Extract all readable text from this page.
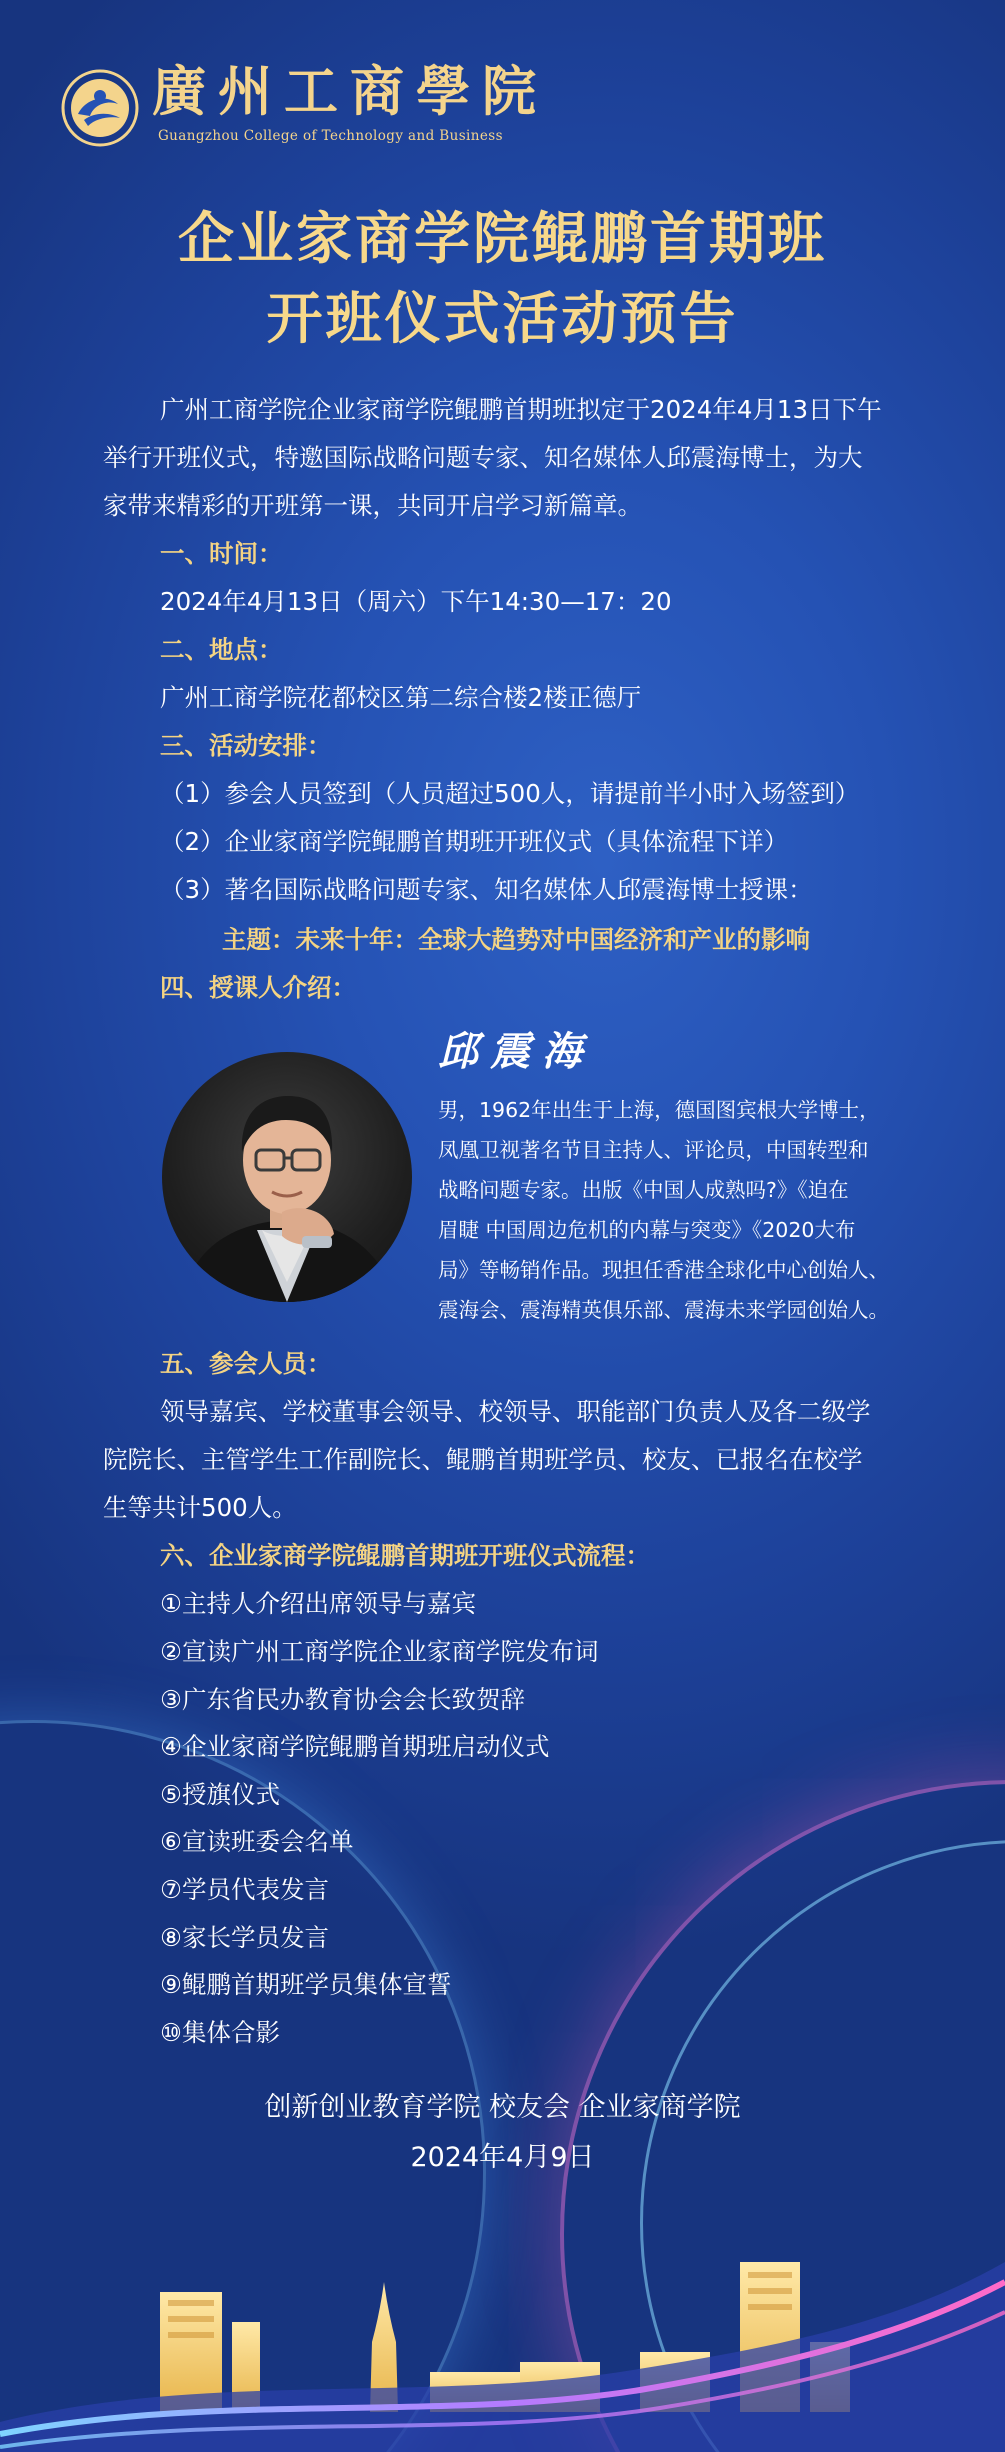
廣州工商學院
Guangzhou College of Technology and Business
企业家商学院鲲鹏首期班
开班仪式活动预告
广州工商学院企业家商学院鲲鹏首期班拟定于2024年4月13日下午
举行开班仪式，特邀国际战略问题专家、知名媒体人邱震海博士，为大
家带来精彩的开班第一课，共同开启学习新篇章。
一、时间：
2024年4月13日（周六）下午14:30—17：20
二、地点：
广州工商学院花都校区第二综合楼2楼正德厅
三、活动安排：
（1）参会人员签到（人员超过500人，请提前半小时入场签到）
（2）企业家商学院鲲鹏首期班开班仪式（具体流程下详）
（3）著名国际战略问题专家、知名媒体人邱震海博士授课：
主题：未来十年：全球大趋势对中国经济和产业的影响
四、授课人介绍：
邱震海
男，1962年出生于上海，德国图宾根大学博士，
凤凰卫视著名节目主持人、评论员，中国转型和
战略问题专家。出版《中国人成熟吗?》《迫在
眉睫 中国周边危机的内幕与突变》《2020大布
局》等畅销作品。现担任香港全球化中心创始人、
震海会、震海精英俱乐部、震海未来学园创始人。
五、参会人员：
领导嘉宾、学校董事会领导、校领导、职能部门负责人及各二级学
院院长、主管学生工作副院长、鲲鹏首期班学员、校友、已报名在校学
生等共计500人。
六、企业家商学院鲲鹏首期班开班仪式流程：
①主持人介绍出席领导与嘉宾
②宣读广州工商学院企业家商学院发布词
③广东省民办教育协会会长致贺辞
④企业家商学院鲲鹏首期班启动仪式
⑤授旗仪式
⑥宣读班委会名单
⑦学员代表发言
⑧家长学员发言
⑨鲲鹏首期班学员集体宣誓
⑩集体合影
创新创业教育学院 校友会 企业家商学院
2024年4月9日
